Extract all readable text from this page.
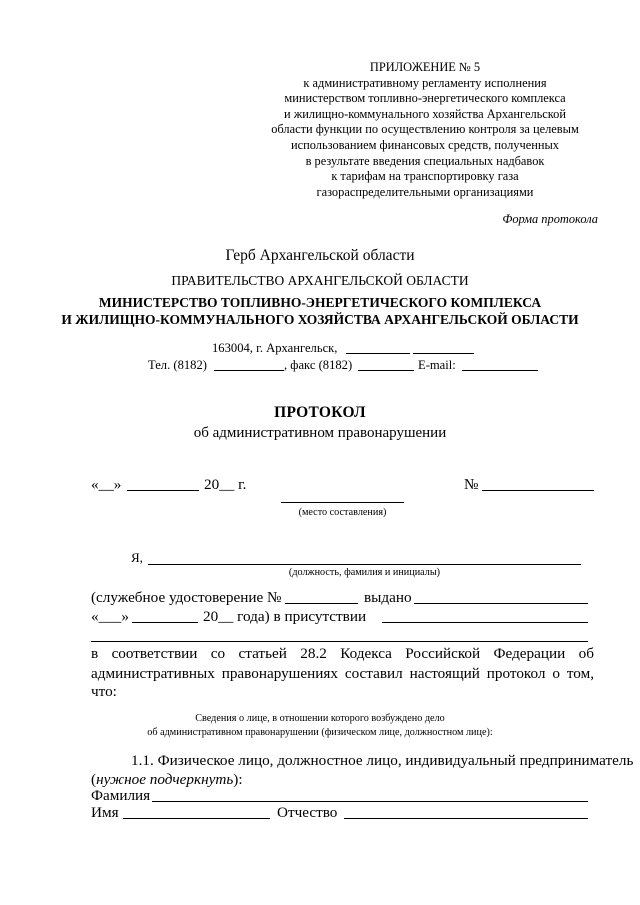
ПРИЛОЖЕНИЕ № 5
к административному регламенту исполнения
министерством топливно-энергетического комплекса
и жилищно-коммунального хозяйства Архангельской
области функции по осуществлению контроля за целевым
использованием финансовых средств, полученных
в результате введения специальных надбавок
к тарифам на транспортировку газа
газораспределительными организациями
Форма протокола
Герб Архангельской области
ПРАВИТЕЛЬСТВО АРХАНГЕЛЬСКОЙ ОБЛАСТИ
МИНИСТЕРСТВО ТОПЛИВНО-ЭНЕРГЕТИЧЕСКОГО КОМПЛЕКСА
И ЖИЛИЩНО-КОММУНАЛЬНОГО ХОЗЯЙСТВА АРХАНГЕЛЬСКОЙ ОБЛАСТИ
163004, г. Архангельск,
Тел. (8182)	, факс (8182)	E-mail:
ПРОТОКОЛ
об административном правонарушении
«__»	20__ г.	№
(место составления)
Я,
(должность, фамилия и инициалы)
(служебное удостоверение №	выдано
«___»	20__ года) в присутствии
в соответствии со статьей 28.2 Кодекса Российской Федерации об
административных правонарушениях составил настоящий протокол о том,
что:
Сведения о лице, в отношении которого возбуждено дело
об административном правонарушении (физическом лице, должностном лице):
1.1. Физическое лицо, должностное лицо, индивидуальный предприниматель
(нужное подчеркнуть):
Фамилия
Имя	Отчество
